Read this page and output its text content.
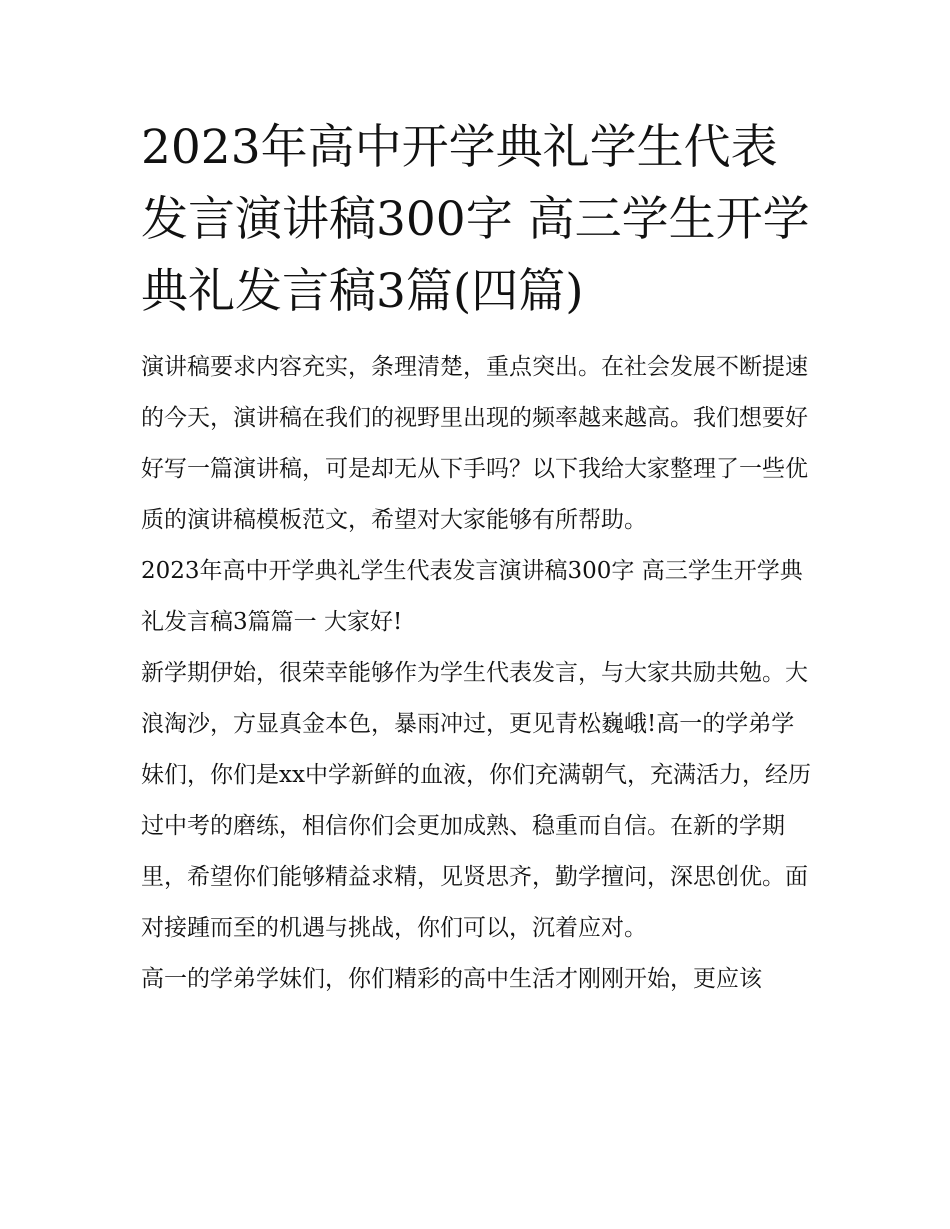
2023年高中开学典礼学生代表发言演讲稿300字 高三学生开学典礼发言稿3篇(四篇)

演讲稿要求内容充实，条理清楚，重点突出。在社会发展不断提速的今天，演讲稿在我们的视野里出现的频率越来越高。我们想要好好写一篇演讲稿，可是却无从下手吗？以下我给大家整理了一些优质的演讲稿模板范文，希望对大家能够有所帮助。

2023年高中开学典礼学生代表发言演讲稿300字 高三学生开学典礼发言稿3篇篇一 大家好!

新学期伊始，很荣幸能够作为学生代表发言，与大家共励共勉。大浪淘沙，方显真金本色，暴雨冲过，更见青松巍峨!高一的学弟学妹们，你们是xx中学新鲜的血液，你们充满朝气，充满活力，经历过中考的磨练，相信你们会更加成熟、稳重而自信。在新的学期里，希望你们能够精益求精，见贤思齐，勤学擅问，深思创优。面对接踵而至的机遇与挑战，你们可以，沉着应对。

高一的学弟学妹们，你们精彩的高中生活才刚刚开始，更应该
